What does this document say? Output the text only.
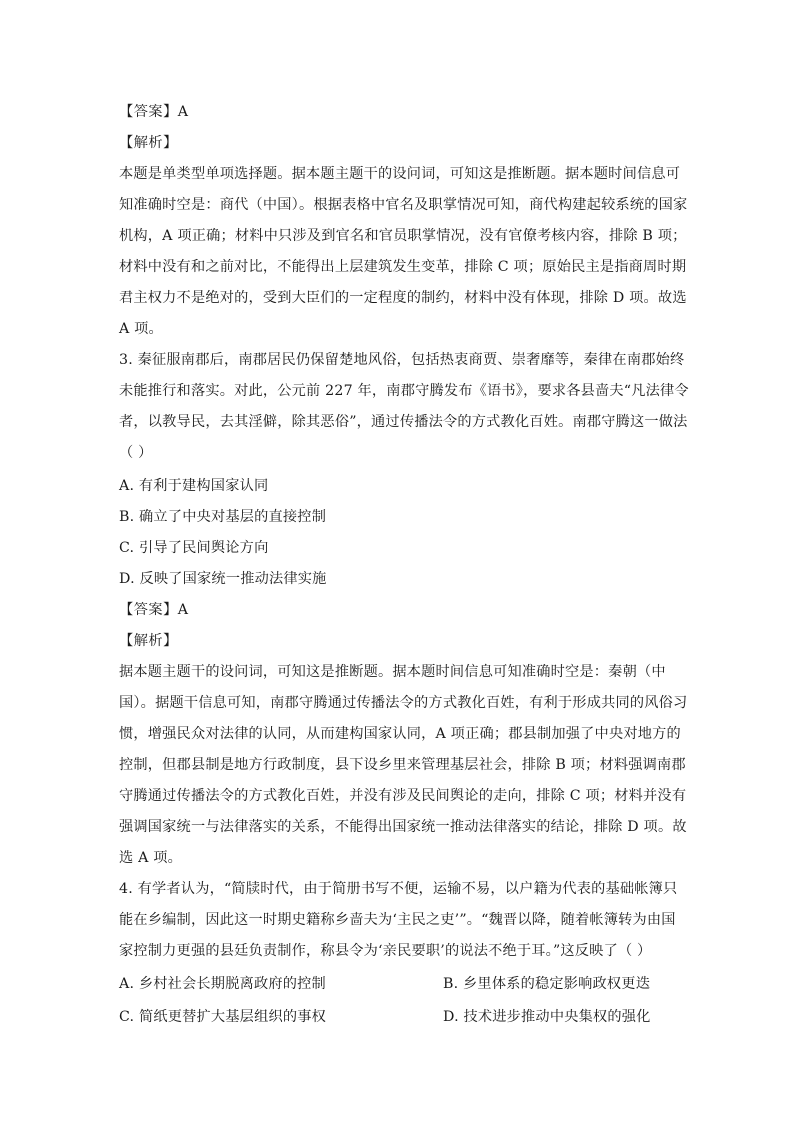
【答案】A
【解析】
本题是单类型单项选择题。据本题主题干的设问词，可知这是推断题。据本题时间信息可
知准确时空是：商代（中国）。根据表格中官名及职掌情况可知，商代构建起较系统的国家
机构，A 项正确；材料中只涉及到官名和官员职掌情况，没有官僚考核内容，排除 B 项；
材料中没有和之前对比，不能得出上层建筑发生变革，排除 C 项；原始民主是指商周时期
君主权力不是绝对的，受到大臣们的一定程度的制约，材料中没有体现，排除 D 项。故选
A 项。
3. 秦征服南郡后，南郡居民仍保留楚地风俗，包括热衷商贾、崇奢靡等，秦律在南郡始终
未能推行和落实。对此，公元前 227 年，南郡守腾发布《语书》，要求各县啬夫“凡法律令
者，以教导民，去其淫僻，除其恶俗”，通过传播法令的方式教化百姓。南郡守腾这一做法
（ ）
A. 有利于建构国家认同
B. 确立了中央对基层的直接控制
C. 引导了民间舆论方向
D. 反映了国家统一推动法律实施
【答案】A
【解析】
据本题主题干的设问词，可知这是推断题。据本题时间信息可知准确时空是：秦朝（中
国）。据题干信息可知，南郡守腾通过传播法令的方式教化百姓，有利于形成共同的风俗习
惯，增强民众对法律的认同，从而建构国家认同，A 项正确；郡县制加强了中央对地方的
控制，但郡县制是地方行政制度，县下设乡里来管理基层社会，排除 B 项；材料强调南郡
守腾通过传播法令的方式教化百姓，并没有涉及民间舆论的走向，排除 C 项；材料并没有
强调国家统一与法律落实的关系，不能得出国家统一推动法律落实的结论，排除 D 项。故
选 A 项。
4. 有学者认为，“简牍时代，由于简册书写不便，运输不易，以户籍为代表的基础帐簿只
能在乡编制，因此这一时期史籍称乡啬夫为‘主民之吏’”。“魏晋以降，随着帐簿转为由国
家控制力更强的县廷负责制作，称县令为‘亲民要职’的说法不绝于耳。”这反映了（ ）
A. 乡村社会长期脱离政府的控制	B. 乡里体系的稳定影响政权更迭
C. 简纸更替扩大基层组织的事权	D. 技术进步推动中央集权的强化
